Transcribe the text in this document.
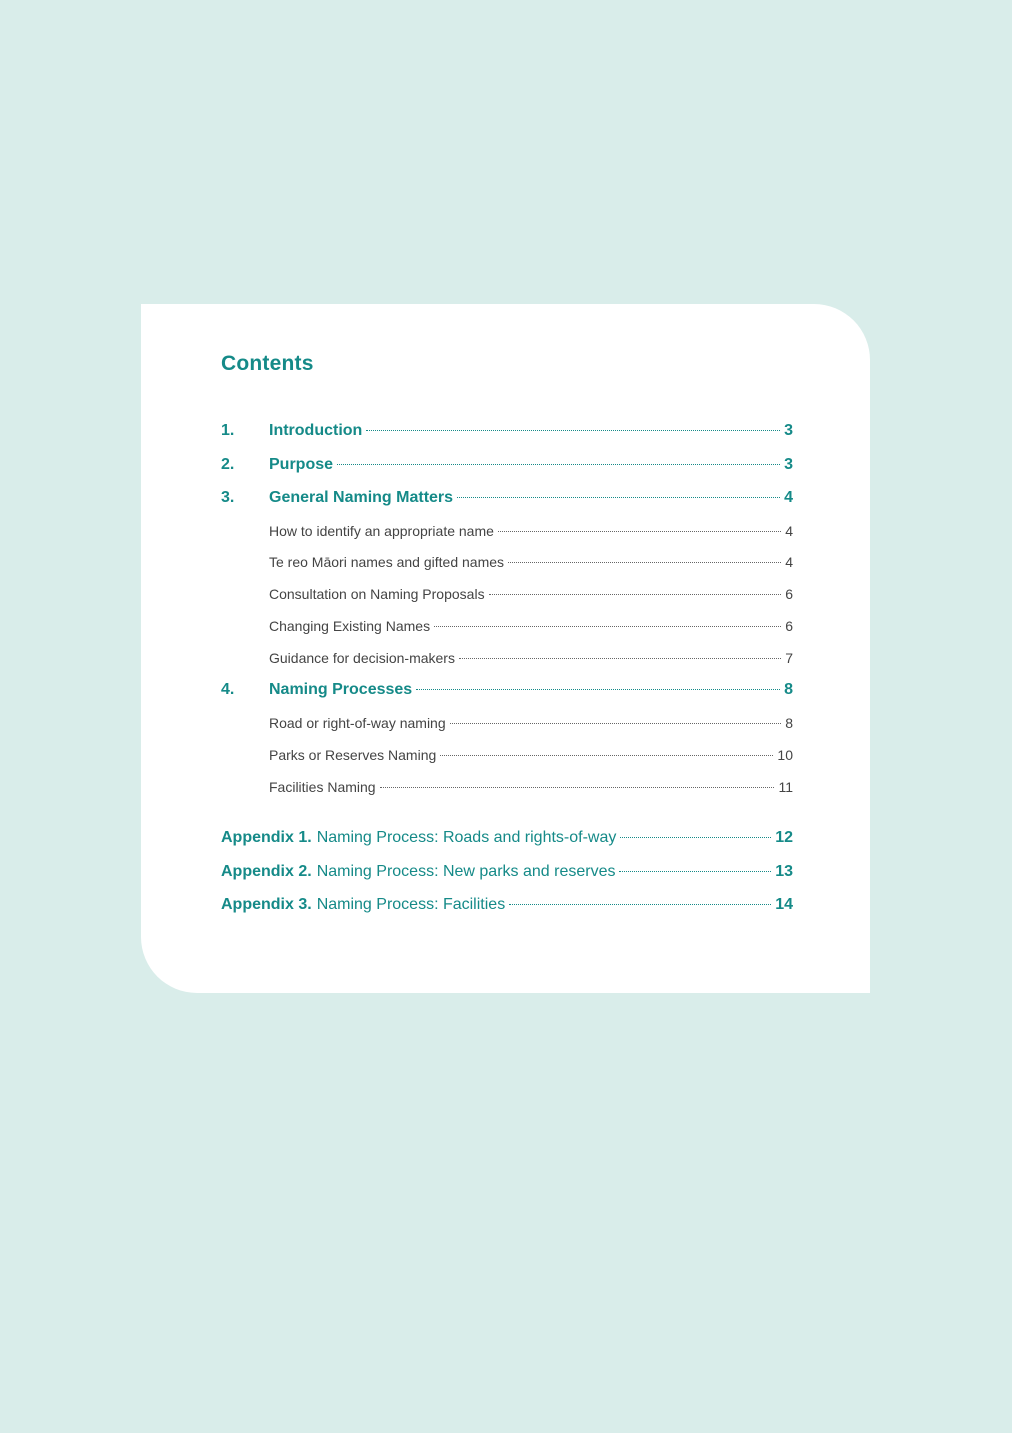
Contents
1.	Introduction	3
2.	Purpose	3
3.	General Naming Matters	4
How to identify an appropriate name	4
Te reo Māori names and gifted names	4
Consultation on Naming Proposals	6
Changing Existing Names	6
Guidance for decision-makers	7
4.	Naming Processes	8
Road or right-of-way naming	8
Parks or Reserves Naming	10
Facilities Naming	11
Appendix 1. Naming Process: Roads and rights-of-way	12
Appendix 2. Naming Process: New parks and reserves	13
Appendix 3. Naming Process: Facilities	14
